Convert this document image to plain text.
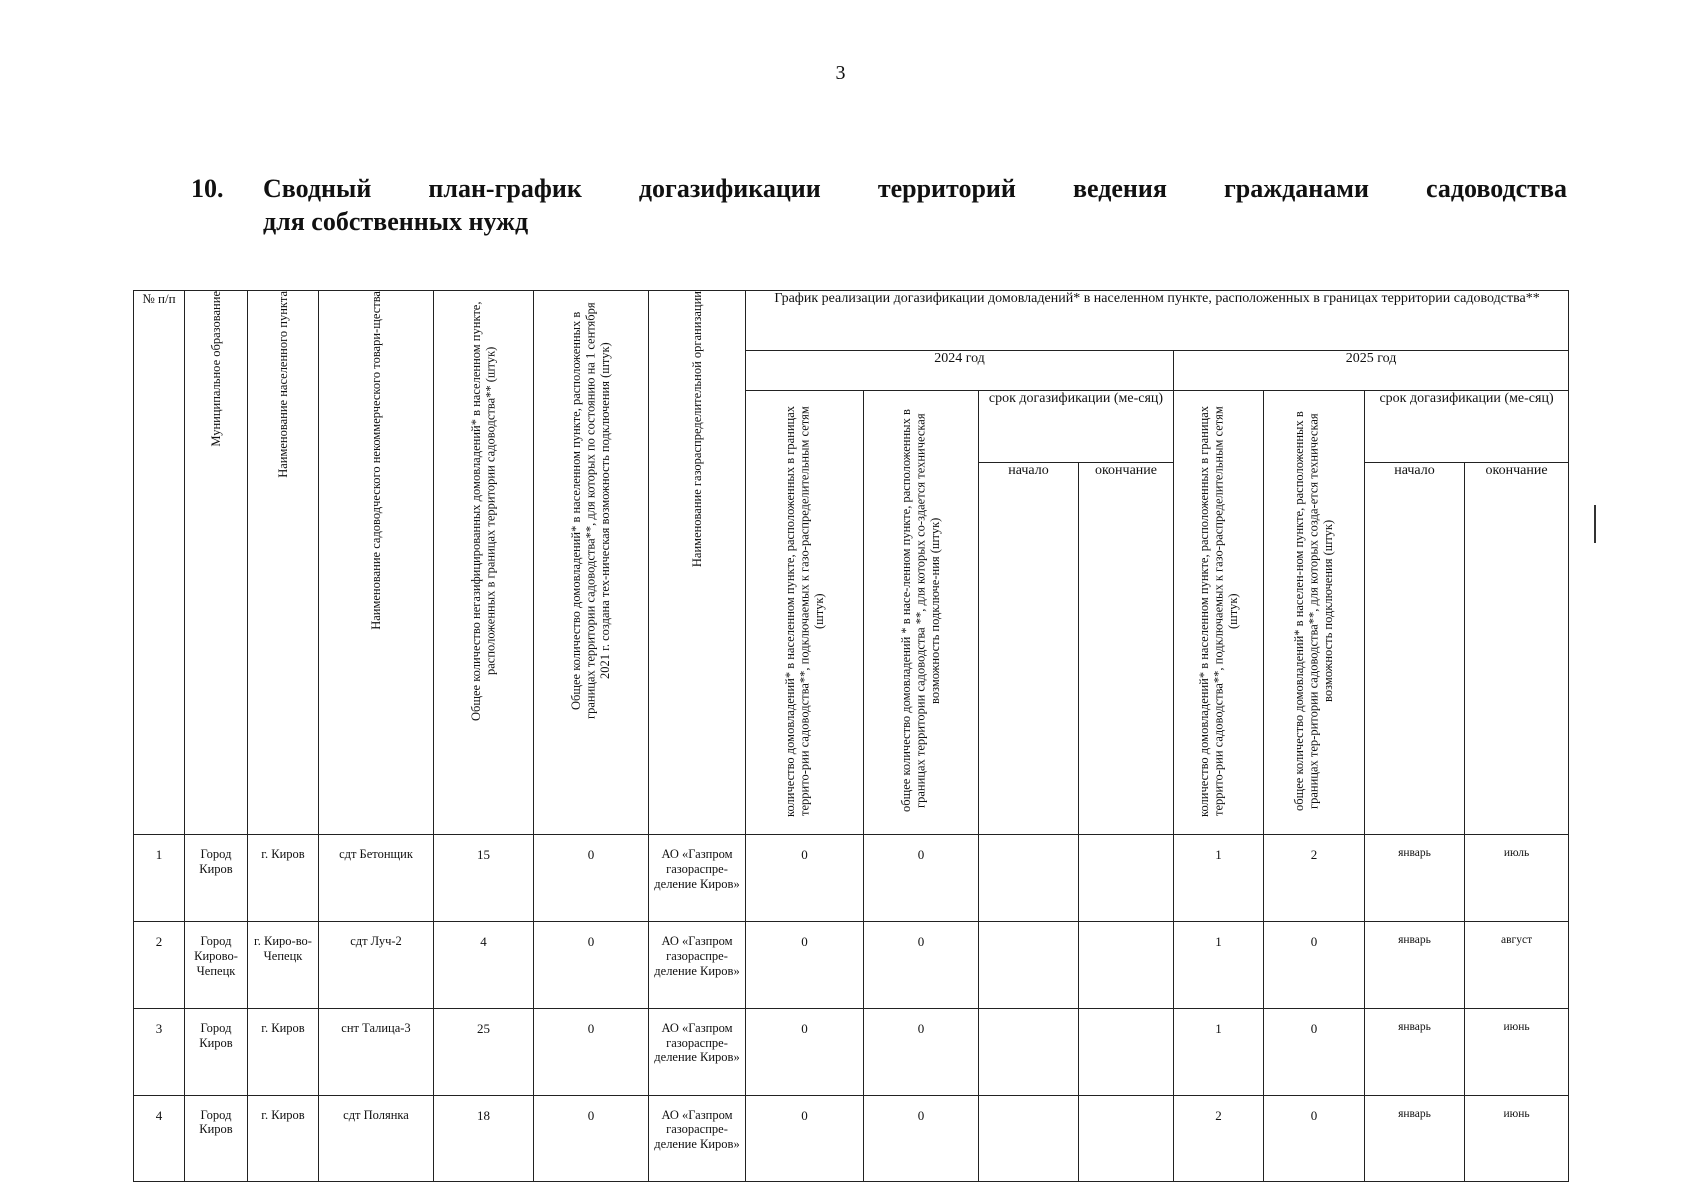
3
10.	Сводный план-график догазификации территорий ведения гражданами садоводства
для собственных нужд
№ п/п	Муниципальное образование	Наименование населенного пункта	Наименование садоводческого некоммерческого товари-щества	Общее количество негазифицированных домовладений* в населенном пункте, расположенных в границах территории садоводства** (штук)	Общее количество домовладений* в населенном пункте, расположенных в границах территории садоводства**, для которых по состоянию на 1 сентября 2021 г. создана тех-ническая возможность подключения (штук)	Наименование газораспределительной организации	График реализации догазификации домовладений* в населенном пункте, расположенных в границах территории садоводства**							
							2024 год				2025 год			
							количество домовладений* в населенном пункте, расположенных в границах террито-рии садоводства**, подключаемых к газо-распределительным сетям (штук)	общее количество домовладений * в насе-ленном пункте, расположенных в границах территории садоводства **, для которых со-здается техническая возможность подключе-ния (штук)	срок догазификации (ме-сяц)		количество домовладений* в населенном пункте, расположенных в границах террито-рии садоводства**, подключаемых к газо-распределительным сетям (штук)	общее количество домовладений* в населен-ном пункте, расположенных в границах тер-ритории садоводства**, для которых созда-ется техническая возможность подключения (штук)	срок догазификации (ме-сяц)	
									начало	окончание			начало	окончание
1	Город Киров	г. Киров	сдт Бетонщик	15	0	АО «Газпром газораспре-деление Киров»	0	0			1	2	январь	июль
2	Город Кирово-Чепецк	г. Киро-во-Чепецк	сдт Луч-2	4	0	АО «Газпром газораспре-деление Киров»	0	0			1	0	январь	август
3	Город Киров	г. Киров	снт Талица-3	25	0	АО «Газпром газораспре-деление Киров»	0	0			1	0	январь	июнь
4	Город Киров	г. Киров	сдт Полянка	18	0	АО «Газпром газораспре-деление Киров»	0	0			2	0	январь	июнь
